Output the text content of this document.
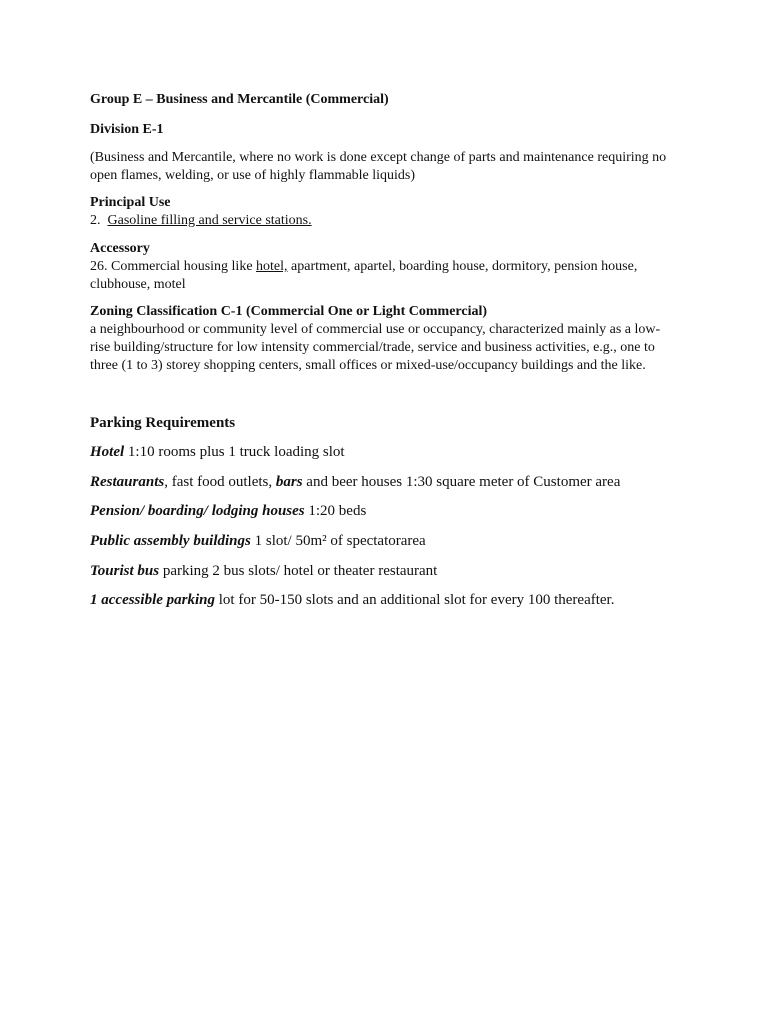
Group E – Business and Mercantile (Commercial)

Division E-1

(Business and Mercantile, where no work is done except change of parts and maintenance requiring no open flames, welding, or use of highly flammable liquids)

Principal Use

2. Gasoline filling and service stations.

Accessory

26. Commercial housing like hotel, apartment, apartel, boarding house, dormitory, pension house, clubhouse, motel

Zoning Classification C-1 (Commercial One or Light Commercial)

a neighbourhood or community level of commercial use or occupancy, characterized mainly as a low-rise building/structure for low intensity commercial/trade, service and business activities, e.g., one to three (1 to 3) storey shopping centers, small offices or mixed-use/occupancy buildings and the like.

Parking Requirements

Hotel 1:10 rooms plus 1 truck loading slot

Restaurants, fast food outlets, bars and beer houses 1:30 square meter of Customer area

Pension/ boarding/ lodging houses 1:20 beds

Public assembly buildings 1 slot/ 50m² of spectatorarea

Tourist bus parking 2 bus slots/ hotel or theater restaurant

1 accessible parking lot for 50-150 slots and an additional slot for every 100 thereafter.
